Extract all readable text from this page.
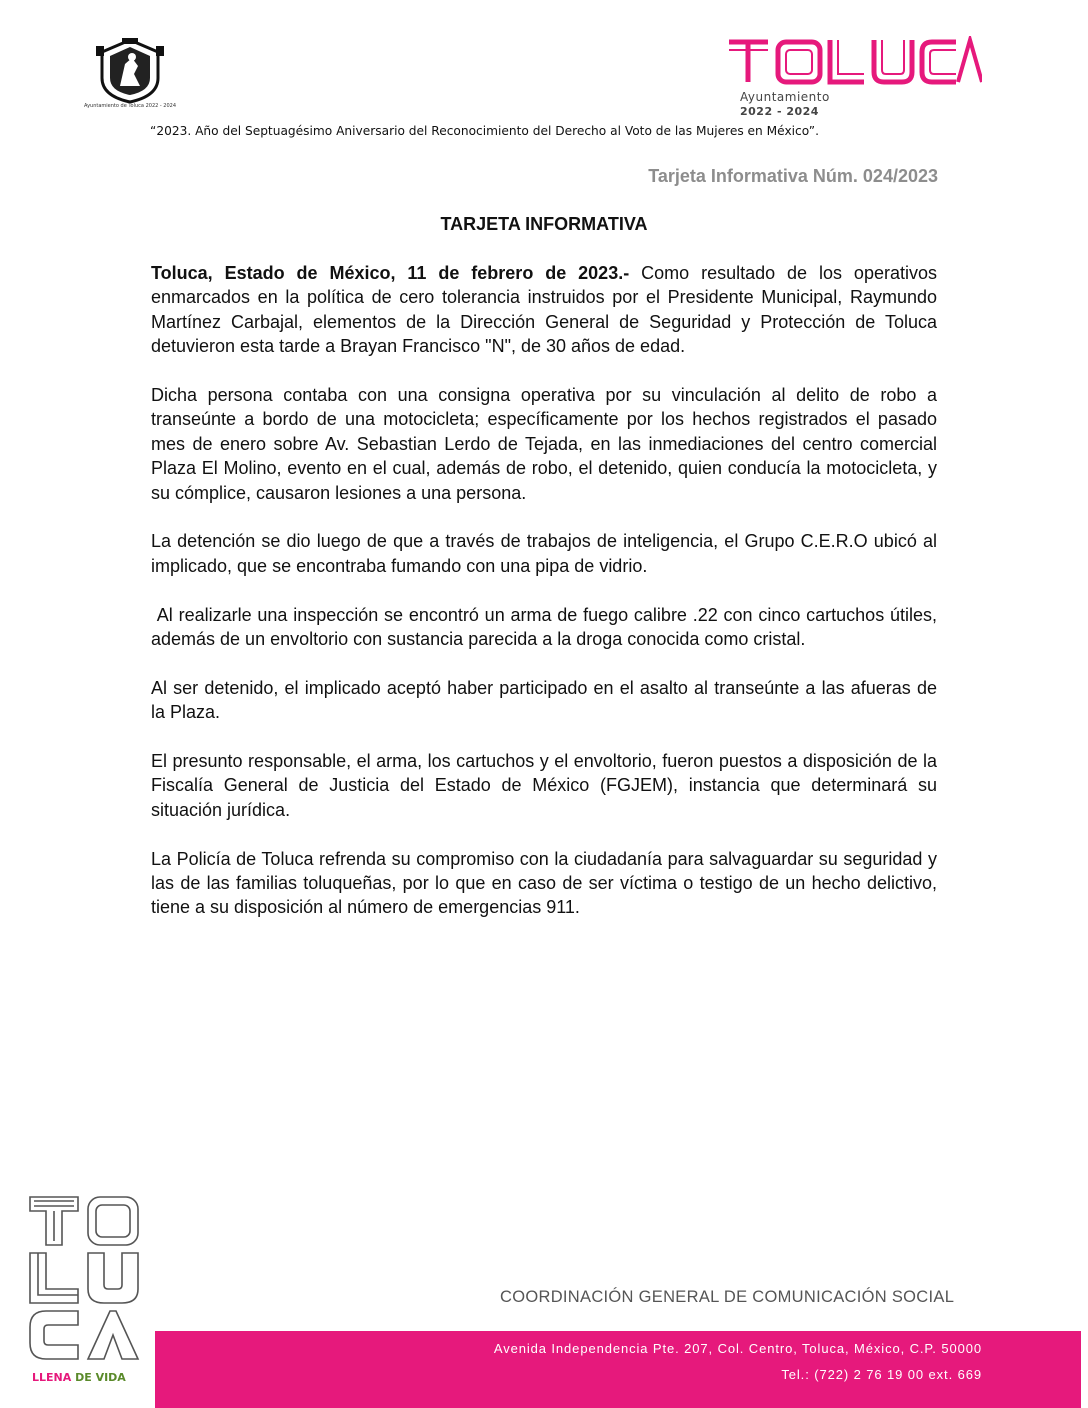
Ayuntamiento de Toluca 2022 - 2024
Ayuntamiento
2022 - 2024
“2023. Año del Septuagésimo Aniversario del Reconocimiento del Derecho al Voto de las Mujeres en México”.
Tarjeta Informativa Núm. 024/2023
TARJETA INFORMATIVA

Toluca, Estado de México, 11 de febrero de 2023.- Como resultado de los operativos enmarcados en la política de cero tolerancia instruidos por el Presidente Municipal, Raymundo Martínez Carbajal, elementos de la Dirección General de Seguridad y Protección de Toluca detuvieron esta tarde a Brayan Francisco "N", de 30 años de edad.

Dicha persona contaba con una consigna operativa por su vinculación al delito de robo a transeúnte a bordo de una motocicleta; específicamente por los hechos registrados el pasado mes de enero sobre Av. Sebastian Lerdo de Tejada, en las inmediaciones del centro comercial Plaza El Molino, evento en el cual, además de robo, el detenido, quien conducía la motocicleta, y su cómplice, causaron lesiones a una persona.

La detención se dio luego de que a través de trabajos de inteligencia, el Grupo C.E.R.O ubicó al implicado, que se encontraba fumando con una pipa de vidrio.

Al realizarle una inspección se encontró un arma de fuego calibre .22 con cinco cartuchos útiles, además de un envoltorio con sustancia parecida a la droga conocida como cristal.

Al ser detenido, el implicado aceptó haber participado en el asalto al transeúnte a las afueras de la Plaza.

El presunto responsable, el arma, los cartuchos y el envoltorio, fueron puestos a disposición de la Fiscalía General de Justicia del Estado de México (FGJEM), instancia que determinará su situación jurídica.

La Policía de Toluca refrenda su compromiso con la ciudadanía para salvaguardar su seguridad y las de las familias toluqueñas, por lo que en caso de ser víctima o testigo de un hecho delictivo, tiene a su disposición al número de emergencias 911.

LLENA DE VIDA
COORDINACIÓN GENERAL DE COMUNICACIÓN SOCIAL
Avenida Independencia Pte. 207, Col. Centro, Toluca, México, C.P. 50000
Tel.: (722) 2 76 19 00 ext. 669
